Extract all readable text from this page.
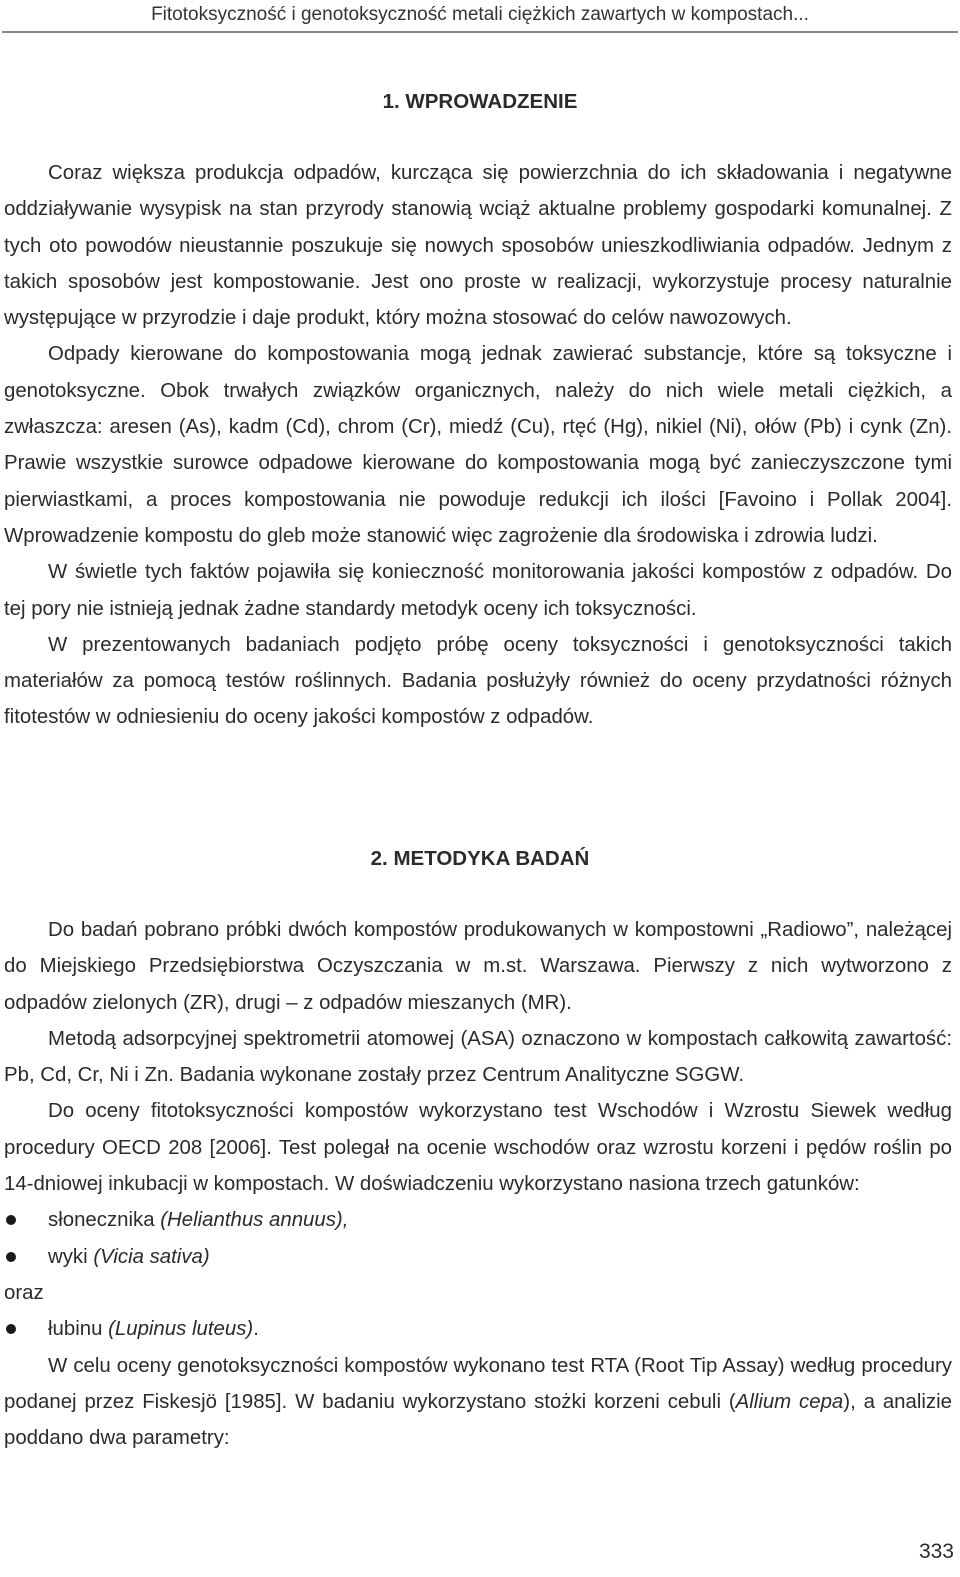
Fitotoksyczność i genotoksyczność metali ciężkich zawartych w kompostach...
1. WPROWADZENIE

Coraz większa produkcja odpadów, kurcząca się powierzchnia do ich składowania i negatywne oddziaływanie wysypisk na stan przyrody stanowią wciąż aktualne problemy gospodarki komunalnej. Z tych oto powodów nieustannie poszukuje się nowych sposobów unieszkodliwiania odpadów. Jednym z takich sposobów jest kompostowanie. Jest ono proste w realizacji, wykorzystuje procesy naturalnie występujące w przyrodzie i daje produkt, który można stosować do celów nawozowych.

Odpady kierowane do kompostowania mogą jednak zawierać substancje, które są toksyczne i genotoksyczne. Obok trwałych związków organicznych, należy do nich wiele metali ciężkich, a zwłaszcza: aresen (As), kadm (Cd), chrom (Cr), miedź (Cu), rtęć (Hg), nikiel (Ni), ołów (Pb) i cynk (Zn). Prawie wszystkie surowce odpadowe kierowane do kompostowania mogą być zanieczyszczone tymi pierwiastkami, a proces kompostowania nie powoduje redukcji ich ilości [Favoino i Pollak 2004]. Wprowadzenie kompostu do gleb może stanowić więc zagrożenie dla środowiska i zdrowia ludzi.

W świetle tych faktów pojawiła się konieczność monitorowania jakości kompostów z odpadów. Do tej pory nie istnieją jednak żadne standardy metodyk oceny ich toksyczności.

W prezentowanych badaniach podjęto próbę oceny toksyczności i genotoksyczności takich materiałów za pomocą testów roślinnych. Badania posłużyły również do oceny przydatności różnych fitotestów w odniesieniu do oceny jakości kompostów z odpadów.

2. METODYKA BADAŃ

Do badań pobrano próbki dwóch kompostów produkowanych w kompostowni „Radiowo”, należącej do Miejskiego Przedsiębiorstwa Oczyszczania w m.st. Warszawa. Pierwszy z nich wytworzono z odpadów zielonych (ZR), drugi – z odpadów mieszanych (MR).

Metodą adsorpcyjnej spektrometrii atomowej (ASA) oznaczono w kompostach całkowitą zawartość: Pb, Cd, Cr, Ni i Zn. Badania wykonane zostały przez Centrum Analityczne SGGW.

Do oceny fitotoksyczności kompostów wykorzystano test Wschodów i Wzrostu Siewek według procedury OECD 208 [2006]. Test polegał na ocenie wschodów oraz wzrostu korzeni i pędów roślin po 14-dniowej inkubacji w kompostach. W doświadczeniu wykorzystano nasiona trzech gatunków:

słonecznika (Helianthus annuus),

wyki (Vicia sativa)

oraz

łubinu (Lupinus luteus).

W celu oceny genotoksyczności kompostów wykonano test RTA (Root Tip Assay) według procedury podanej przez Fiskesjö [1985]. W badaniu wykorzystano stożki korzeni cebuli (Allium cepa), a analizie poddano dwa parametry:

333
